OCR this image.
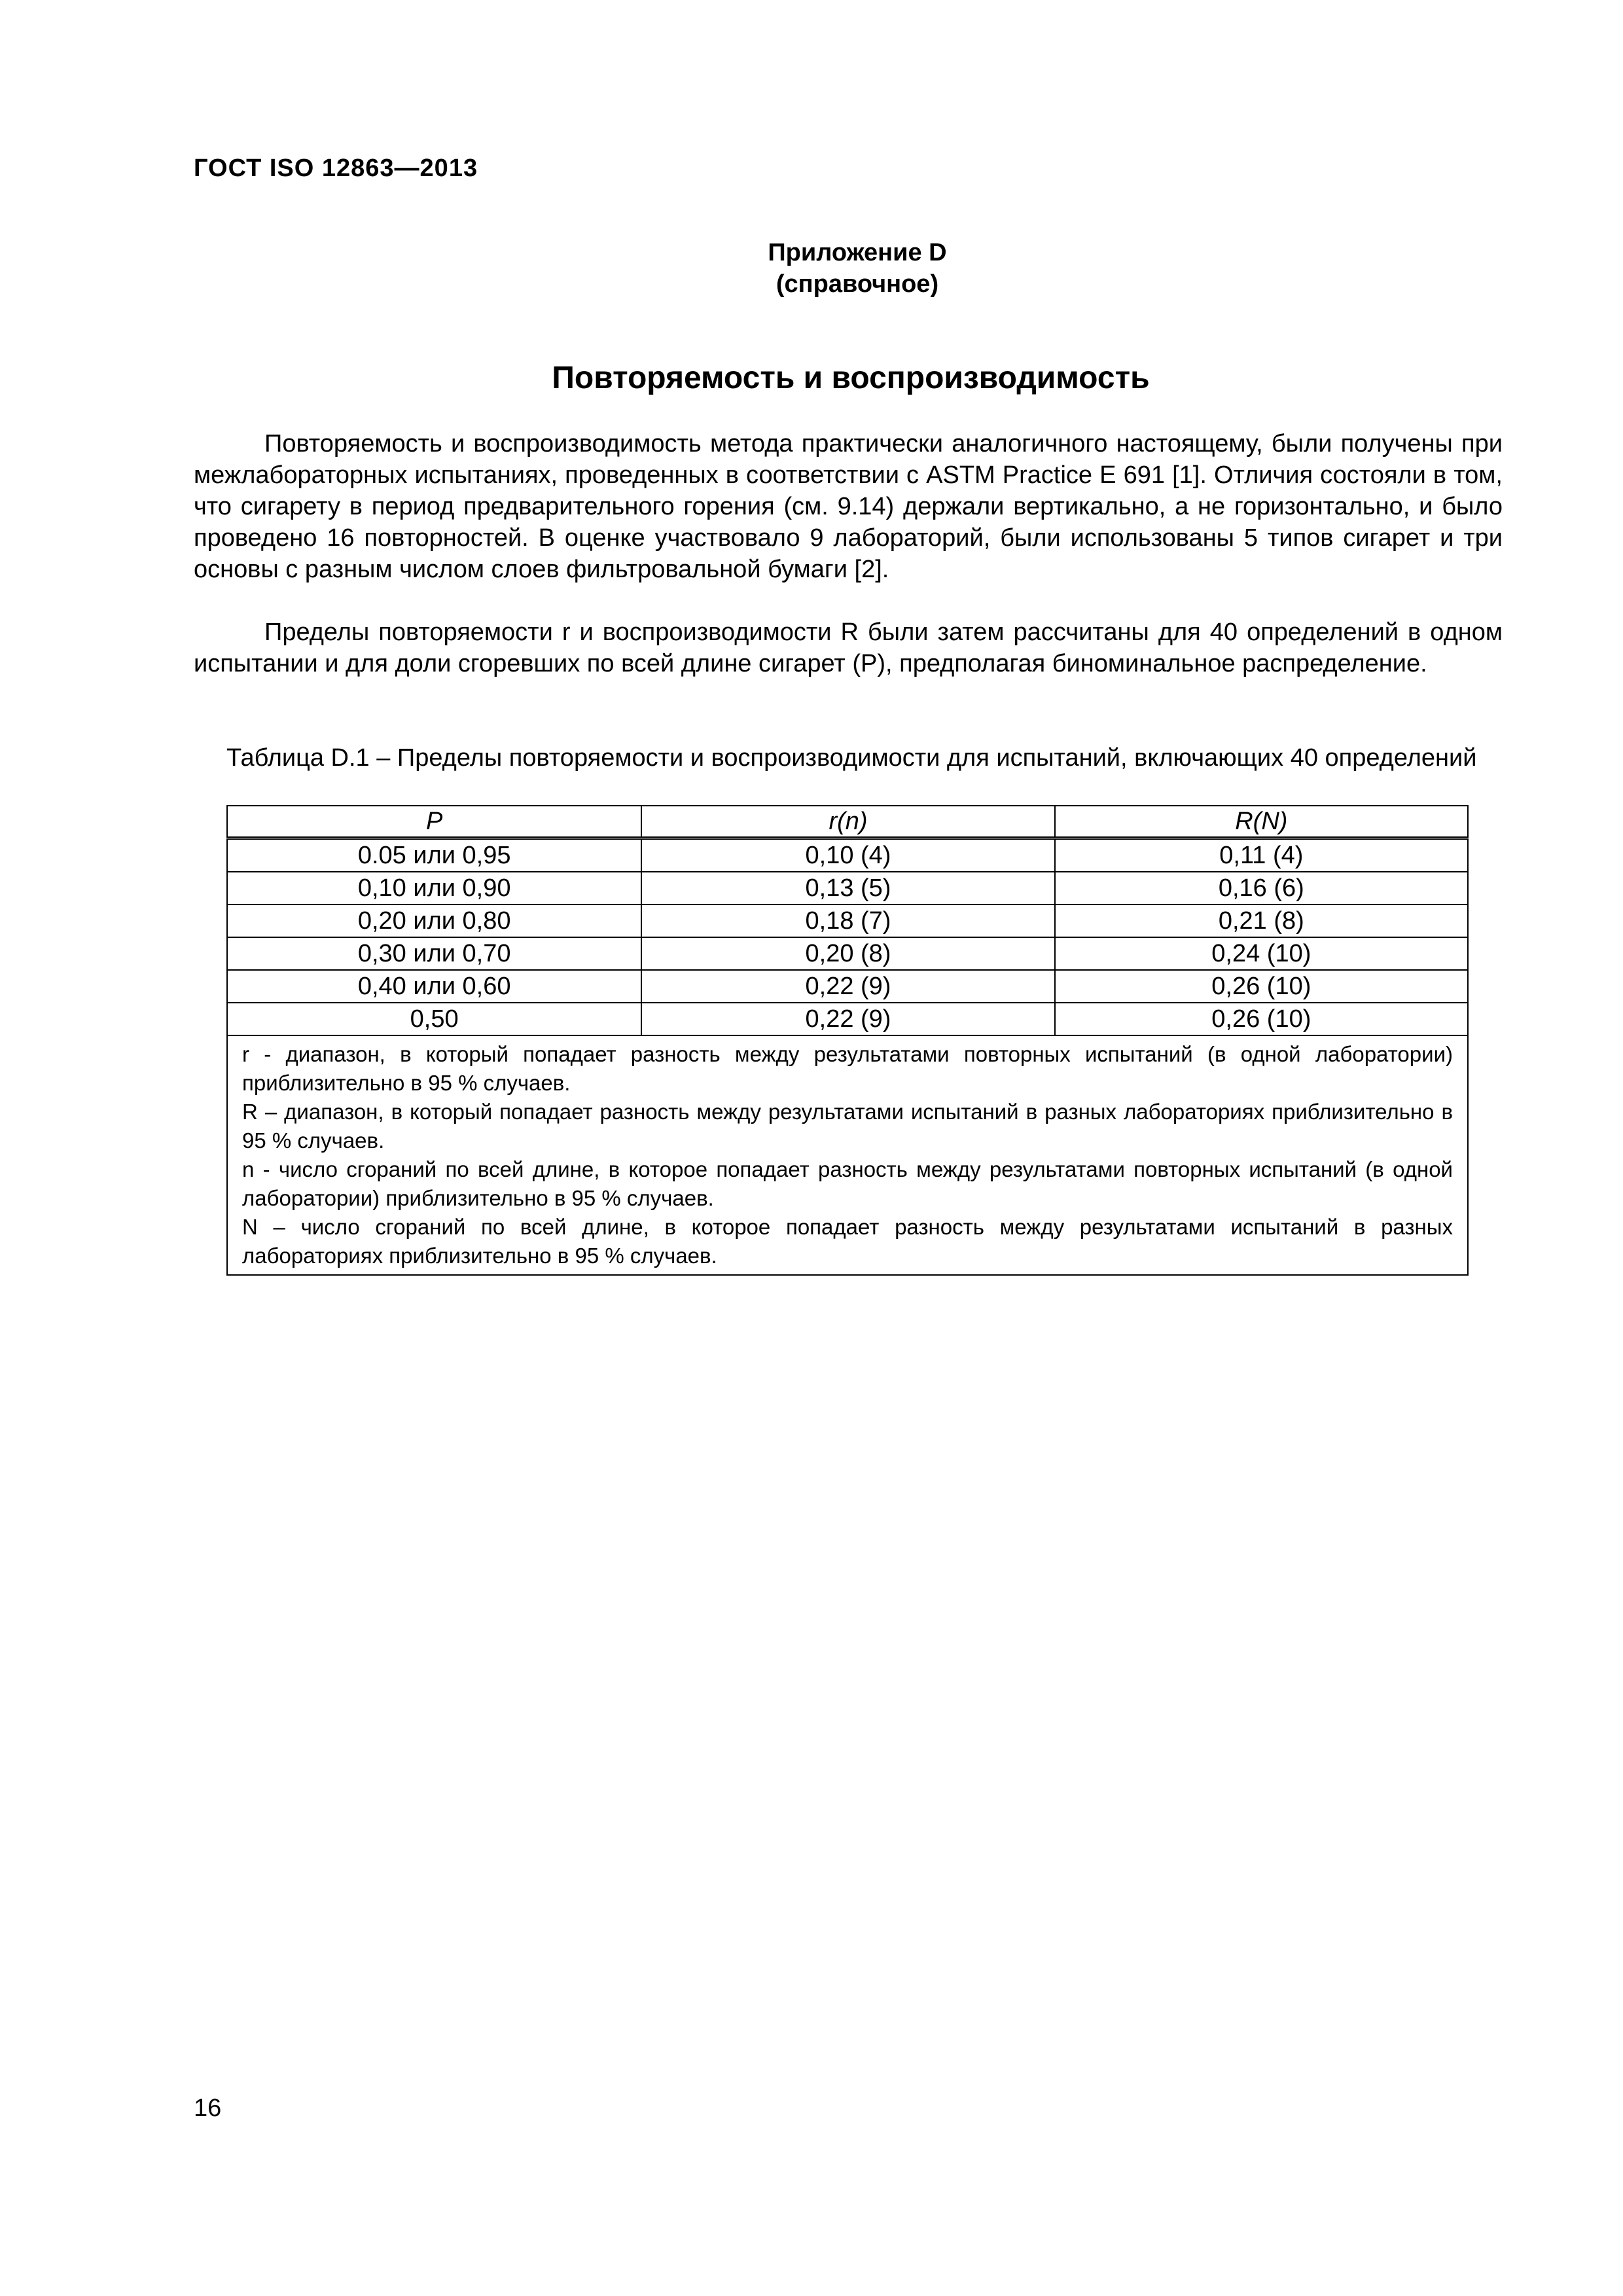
ГОСТ ISO 12863—2013
Приложение D
(справочное)
Повторяемость и воспроизводимость
Повторяемость и воспроизводимость метода практически аналогичного настоящему, были получены при межлабораторных испытаниях, проведенных в соответствии с ASTM Practice E 691 [1]. Отличия состояли в том, что сигарету в период предварительного горения (см. 9.14) держали вертикально, а не горизонтально, и было проведено 16 повторностей. В оценке участвовало 9 лабораторий, были использованы 5 типов сигарет и три основы с разным числом слоев фильтровальной бумаги [2].
Пределы повторяемости r и воспроизводимости R были затем рассчитаны для 40 определений в одном испытании и для доли сгоревших по всей длине сигарет (P), предполагая биноминальное распределение.
Таблица D.1 – Пределы повторяемости и воспроизводимости для испытаний, включающих 40 определений
P	r(n)	R(N)
0.05 или 0,95	0,10 (4)	0,11 (4)
0,10 или 0,90	0,13 (5)	0,16 (6)
0,20 или 0,80	0,18 (7)	0,21 (8)
0,30 или 0,70	0,20 (8)	0,24 (10)
0,40 или 0,60	0,22 (9)	0,26 (10)
0,50	0,22 (9)	0,26 (10)

r - диапазон, в который попадает разность между результатами повторных испытаний (в одной лаборатории) приблизительно в 95 % случаев.

R – диапазон, в который попадает разность между результатами испытаний в разных лабораториях приблизительно в 95 % случаев.

n - число сгораний по всей длине, в которое попадает разность между результатами повторных испытаний (в одной лаборатории) приблизительно в 95 % случаев.

N – число сгораний по всей длине, в которое попадает разность между результатами испытаний в разных лабораториях приблизительно в 95 % случаев.		

16
